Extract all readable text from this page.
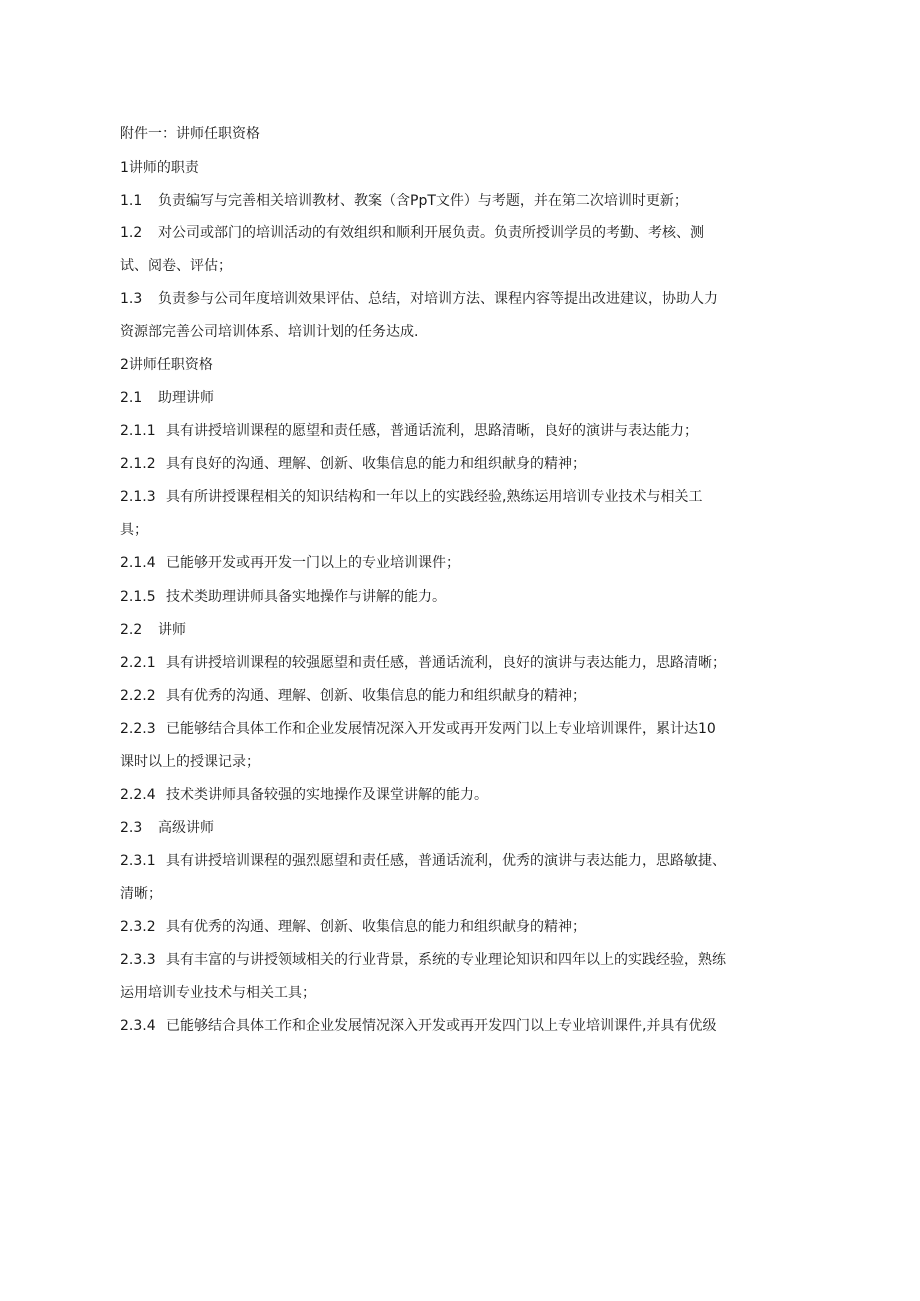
附件一：讲师任职资格
1讲师的职责
1.1 负责编写与完善相关培训教材、教案（含PpT文件）与考题，并在第二次培训时更新；
1.2 对公司或部门的培训活动的有效组织和顺利开展负责。负责所授训学员的考勤、考核、测
试、阅卷、评估；
1.3 负责参与公司年度培训效果评估、总结，对培训方法、课程内容等提出改进建议，协助人力
资源部完善公司培训体系、培训计划的任务达成.
2讲师任职资格
2.1 助理讲师
2.1.1 具有讲授培训课程的愿望和责任感，普通话流利，思路清晰，良好的演讲与表达能力；
2.1.2 具有良好的沟通、理解、创新、收集信息的能力和组织献身的精神；
2.1.3 具有所讲授课程相关的知识结构和一年以上的实践经验,熟练运用培训专业技术与相关工
具；
2.1.4 已能够开发或再开发一门以上的专业培训课件；
2.1.5 技术类助理讲师具备实地操作与讲解的能力。
2.2 讲师
2.2.1 具有讲授培训课程的较强愿望和责任感，普通话流利，良好的演讲与表达能力，思路清晰；
2.2.2 具有优秀的沟通、理解、创新、收集信息的能力和组织献身的精神；
2.2.3 已能够结合具体工作和企业发展情况深入开发或再开发两门以上专业培训课件，累计达10
课时以上的授课记录；
2.2.4 技术类讲师具备较强的实地操作及课堂讲解的能力。
2.3 高级讲师
2.3.1 具有讲授培训课程的强烈愿望和责任感，普通话流利，优秀的演讲与表达能力，思路敏捷、
清晰；
2.3.2 具有优秀的沟通、理解、创新、收集信息的能力和组织献身的精神；
2.3.3 具有丰富的与讲授领域相关的行业背景，系统的专业理论知识和四年以上的实践经验，熟练
运用培训专业技术与相关工具；
2.3.4 已能够结合具体工作和企业发展情况深入开发或再开发四门以上专业培训课件,并具有优级
